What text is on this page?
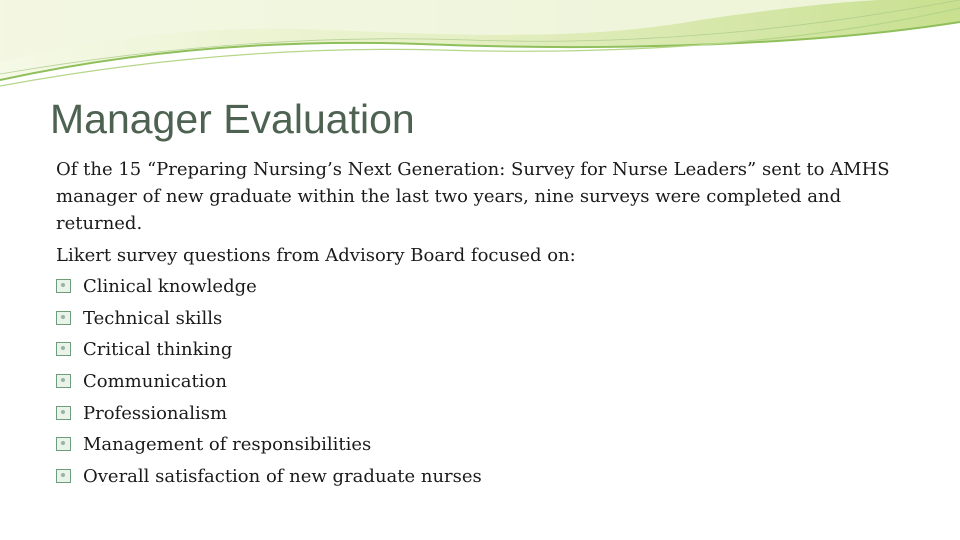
Manager Evaluation

Of the 15 “Preparing Nursing’s Next Generation: Survey for Nurse Leaders” sent to AMHS manager of new graduate within the last two years, nine surveys were completed and returned.

Likert survey questions from Advisory Board focused on:

Clinical knowledge
Technical skills
Critical thinking
Communication
Professionalism
Management of responsibilities
Overall satisfaction of new graduate nurses
